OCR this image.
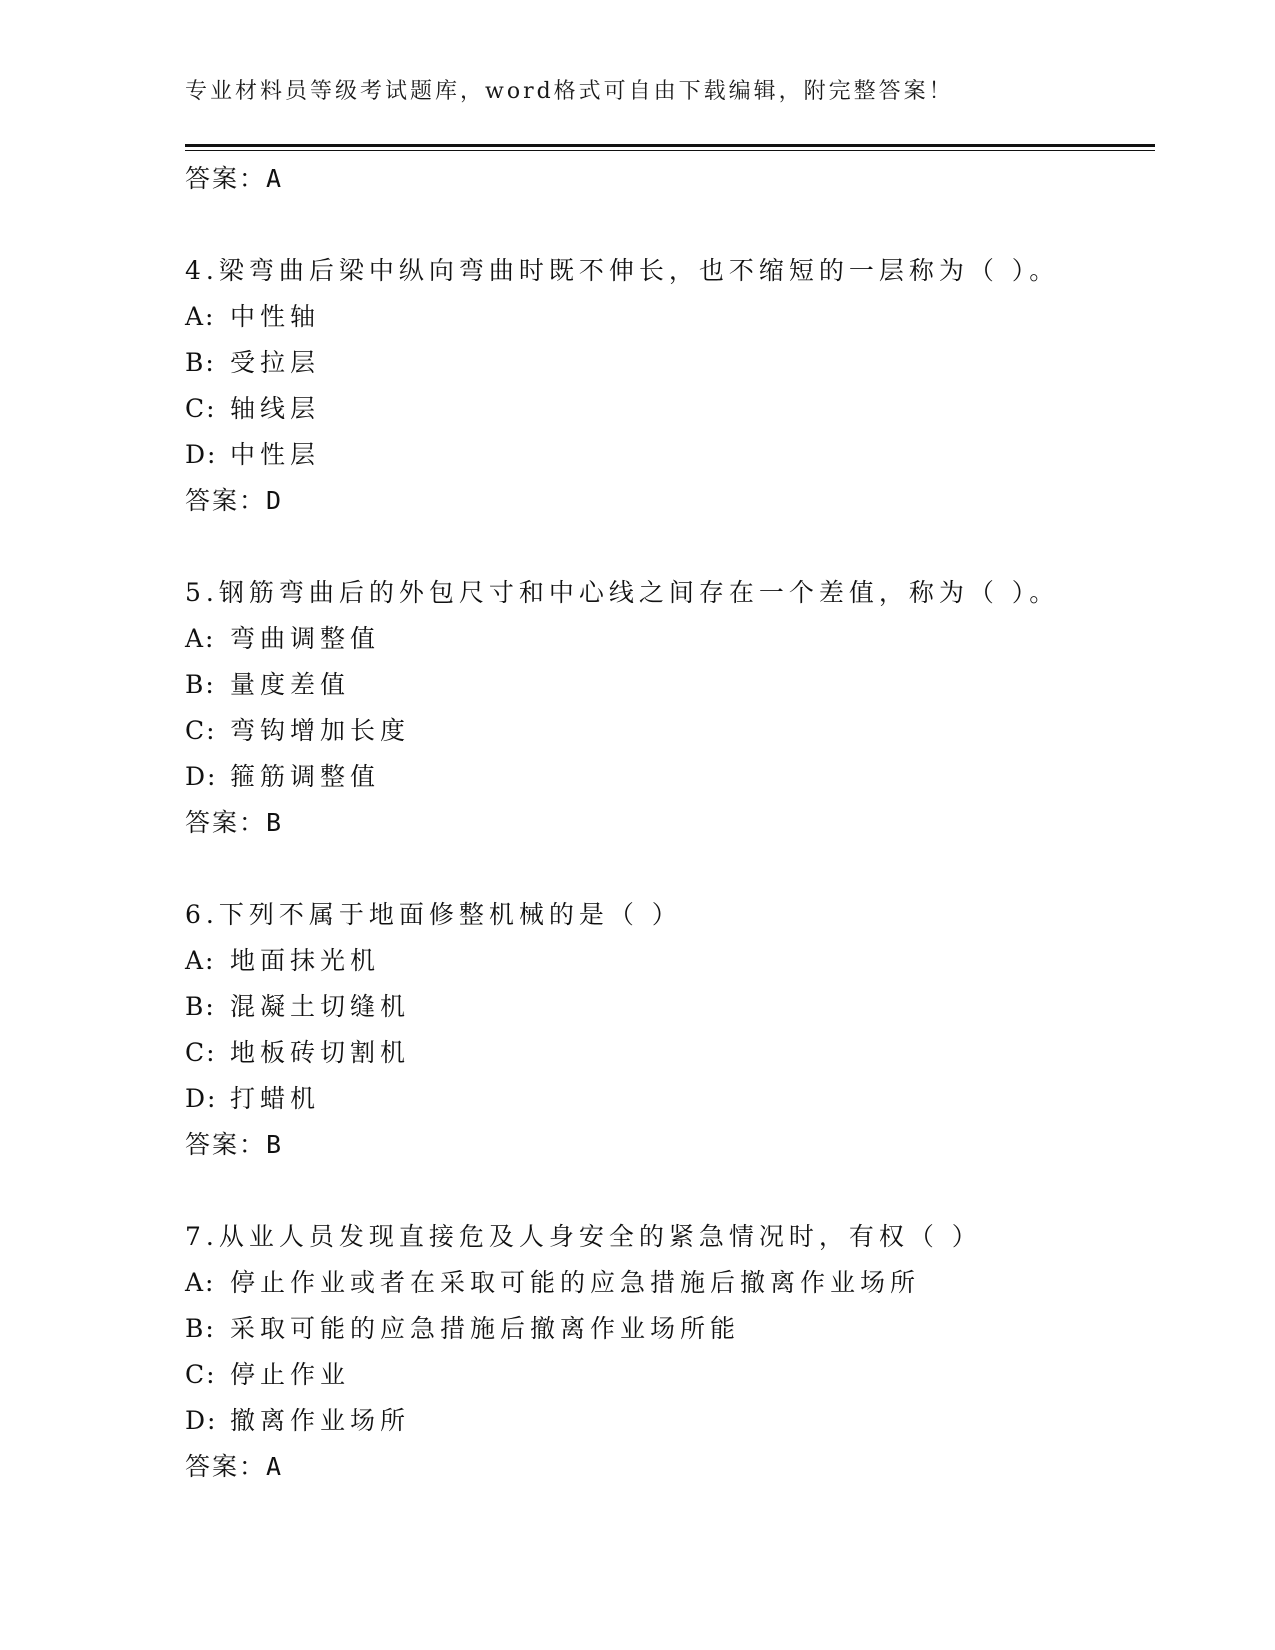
专业材料员等级考试题库，word格式可自由下载编辑，附完整答案！
答案：A
4.梁弯曲后梁中纵向弯曲时既不伸长，也不缩短的一层称为（ ）。
A: 中性轴
B: 受拉层
C: 轴线层
D: 中性层
答案：D
5.钢筋弯曲后的外包尺寸和中心线之间存在一个差值，称为（ ）。
A: 弯曲调整值
B: 量度差值
C: 弯钩增加长度
D: 箍筋调整值
答案：B
6.下列不属于地面修整机械的是（ ）
A: 地面抹光机
B: 混凝土切缝机
C: 地板砖切割机
D: 打蜡机
答案：B
7.从业人员发现直接危及人身安全的紧急情况时，有权（ ）
A: 停止作业或者在采取可能的应急措施后撤离作业场所
B: 采取可能的应急措施后撤离作业场所能
C: 停止作业
D: 撤离作业场所
答案：A
